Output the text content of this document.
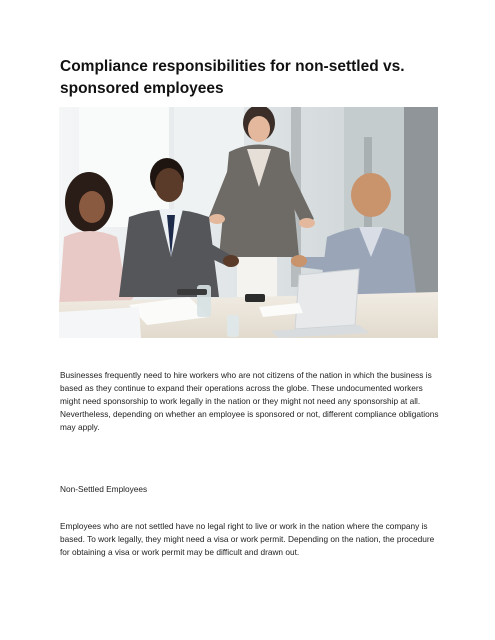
Compliance responsibilities for non-settled vs. sponsored employees

Businesses frequently need to hire workers who are not citizens of the nation in which the business is based as they continue to expand their operations across the globe. These undocumented workers might need sponsorship to work legally in the nation or they might not need any sponsorship at all. Nevertheless, depending on whether an employee is sponsored or not, different compliance obligations may apply.

Non-Settled Employees

Employees who are not settled have no legal right to live or work in the nation where the company is based. To work legally, they might need a visa or work permit. Depending on the nation, the procedure for obtaining a visa or work permit may be difficult and drawn out.
